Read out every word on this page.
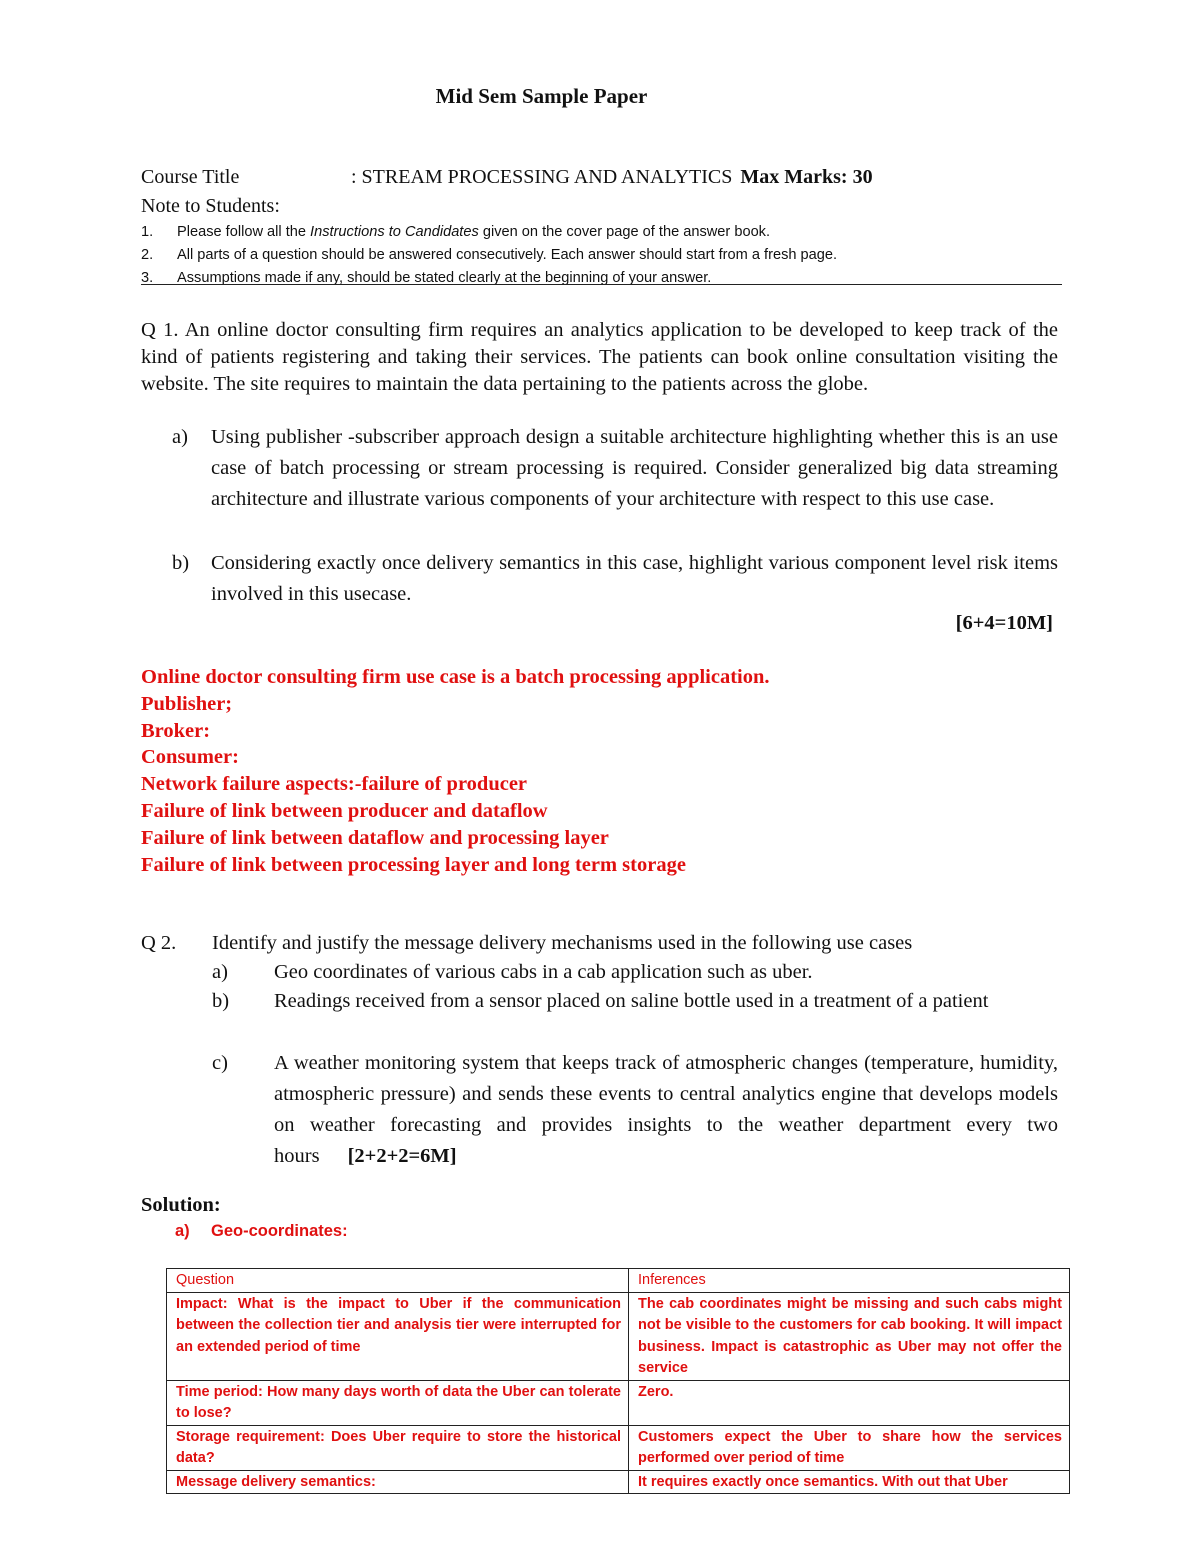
Mid Sem Sample Paper
Course Title	: STREAM PROCESSING AND ANALYTICS Max Marks: 30
Note to Students:
1.	Please follow all the Instructions to Candidates given on the cover page of the answer book.
2.	All parts of a question should be answered consecutively. Each answer should start from a fresh page.
3.	Assumptions made if any, should be stated clearly at the beginning of your answer.
Q 1. An online doctor consulting firm requires an analytics application to be developed to keep track of the kind of patients registering and taking their services. The patients can book online consultation visiting the website. The site requires to maintain the data pertaining to the patients across the globe.
a) Using publisher -subscriber approach design a suitable architecture highlighting whether this is an use case of batch processing or stream processing is required. Consider generalized big data streaming architecture and illustrate various components of your architecture with respect to this use case.
b) Considering exactly once delivery semantics in this case, highlight various component level risk items involved in this usecase.
[6+4=10M]
Online doctor consulting firm use case is a batch processing application.
Publisher;
Broker:
Consumer:
Network failure aspects:-failure of producer
Failure of link between producer and dataflow
Failure of link between dataflow and processing layer
Failure of link between processing layer and long term storage
Q 2. Identify and justify the message delivery mechanisms used in the following use cases
a) Geo coordinates of various cabs in a cab application such as uber.
b) Readings received from a sensor placed on saline bottle used in a treatment of a patient
c) A weather monitoring system that keeps track of atmospheric changes (temperature, humidity, atmospheric pressure) and sends these events to central analytics engine that develops models on weather forecasting and provides insights to the weather department every two hours [2+2+2=6M]
Solution:
a) Geo-coordinates:
Question	Inferences
Impact: What is the impact to Uber if the communication between the collection tier and analysis tier were interrupted for an extended period of time	The cab coordinates might be missing and such cabs might not be visible to the customers for cab booking. It will impact business. Impact is catastrophic as Uber may not offer the service
Time period: How many days worth of data the Uber can tolerate to lose?	Zero.
Storage requirement: Does Uber require to store the historical data?	Customers expect the Uber to share how the services performed over period of time
Message delivery semantics:	It requires exactly once semantics. With out that Uber
